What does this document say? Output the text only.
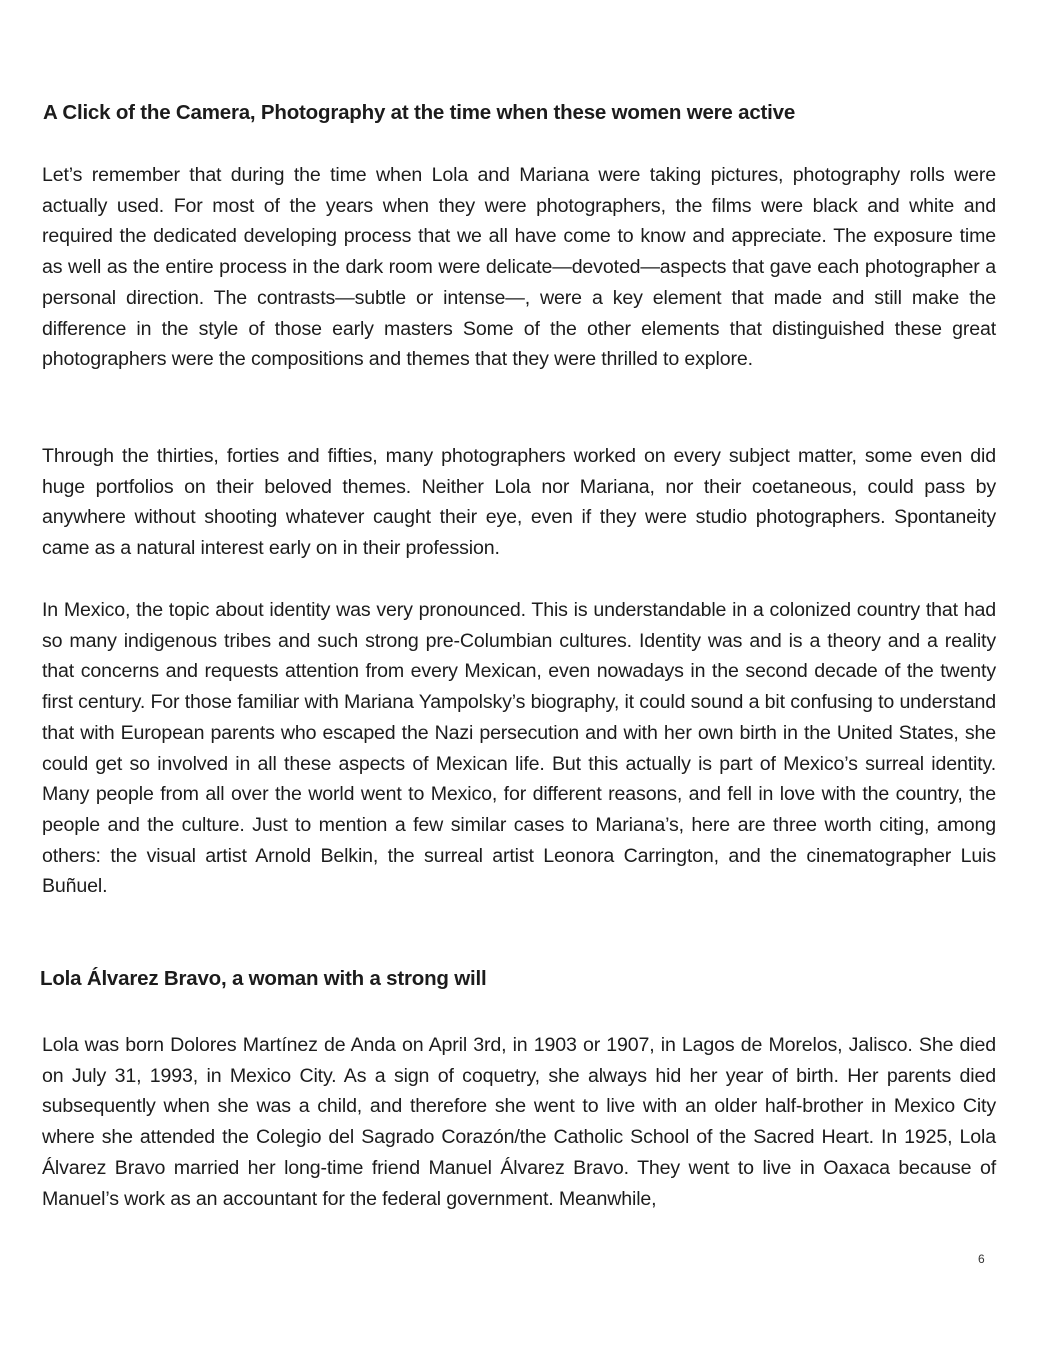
A Click of the Camera, Photography at the time when these women were active

Let’s remember that during the time when Lola and Mariana were taking pictures, photography rolls were actually used. For most of the years when they were photographers, the films were black and white and required the dedicated developing process that we all have come to know and appreciate. The exposure time as well as the entire process in the dark room were delicate—devoted—aspects that gave each photographer a personal direction. The contrasts—subtle or intense—, were a key element that made and still make the difference in the style of those early masters Some of the other elements that distinguished these great photographers were the compositions and themes that they were thrilled to explore.

Through the thirties, forties and fifties, many photographers worked on every subject matter, some even did huge portfolios on their beloved themes. Neither Lola nor Mariana, nor their coetaneous, could pass by anywhere without shooting whatever caught their eye, even if they were studio photographers. Spontaneity came as a natural interest early on in their profession.

In Mexico, the topic about identity was very pronounced. This is understandable in a colonized country that had so many indigenous tribes and such strong pre-Columbian cultures. Identity was and is a theory and a reality that concerns and requests attention from every Mexican, even nowadays in the second decade of the twenty first century. For those familiar with Mariana Yampolsky’s biography, it could sound a bit confusing to understand that with European parents who escaped the Nazi persecution and with her own birth in the United States, she could get so involved in all these aspects of Mexican life. But this actually is part of Mexico’s surreal identity. Many people from all over the world went to Mexico, for different reasons, and fell in love with the country, the people and the culture. Just to mention a few similar cases to Mariana’s, here are three worth citing, among others: the visual artist Arnold Belkin, the surreal artist Leonora Carrington, and the cinematographer Luis Buñuel.

Lola Álvarez Bravo, a woman with a strong will

Lola was born Dolores Martínez de Anda on April 3rd, in 1903 or 1907, in Lagos de Morelos, Jalisco. She died on July 31, 1993, in Mexico City. As a sign of coquetry, she always hid her year of birth. Her parents died subsequently when she was a child, and therefore she went to live with an older half-brother in Mexico City where she attended the Colegio del Sagrado Corazón/the Catholic School of the Sacred Heart. In 1925, Lola Álvarez Bravo married her long-time friend Manuel Álvarez Bravo. They went to live in Oaxaca because of Manuel’s work as an accountant for the federal government. Meanwhile,

6
